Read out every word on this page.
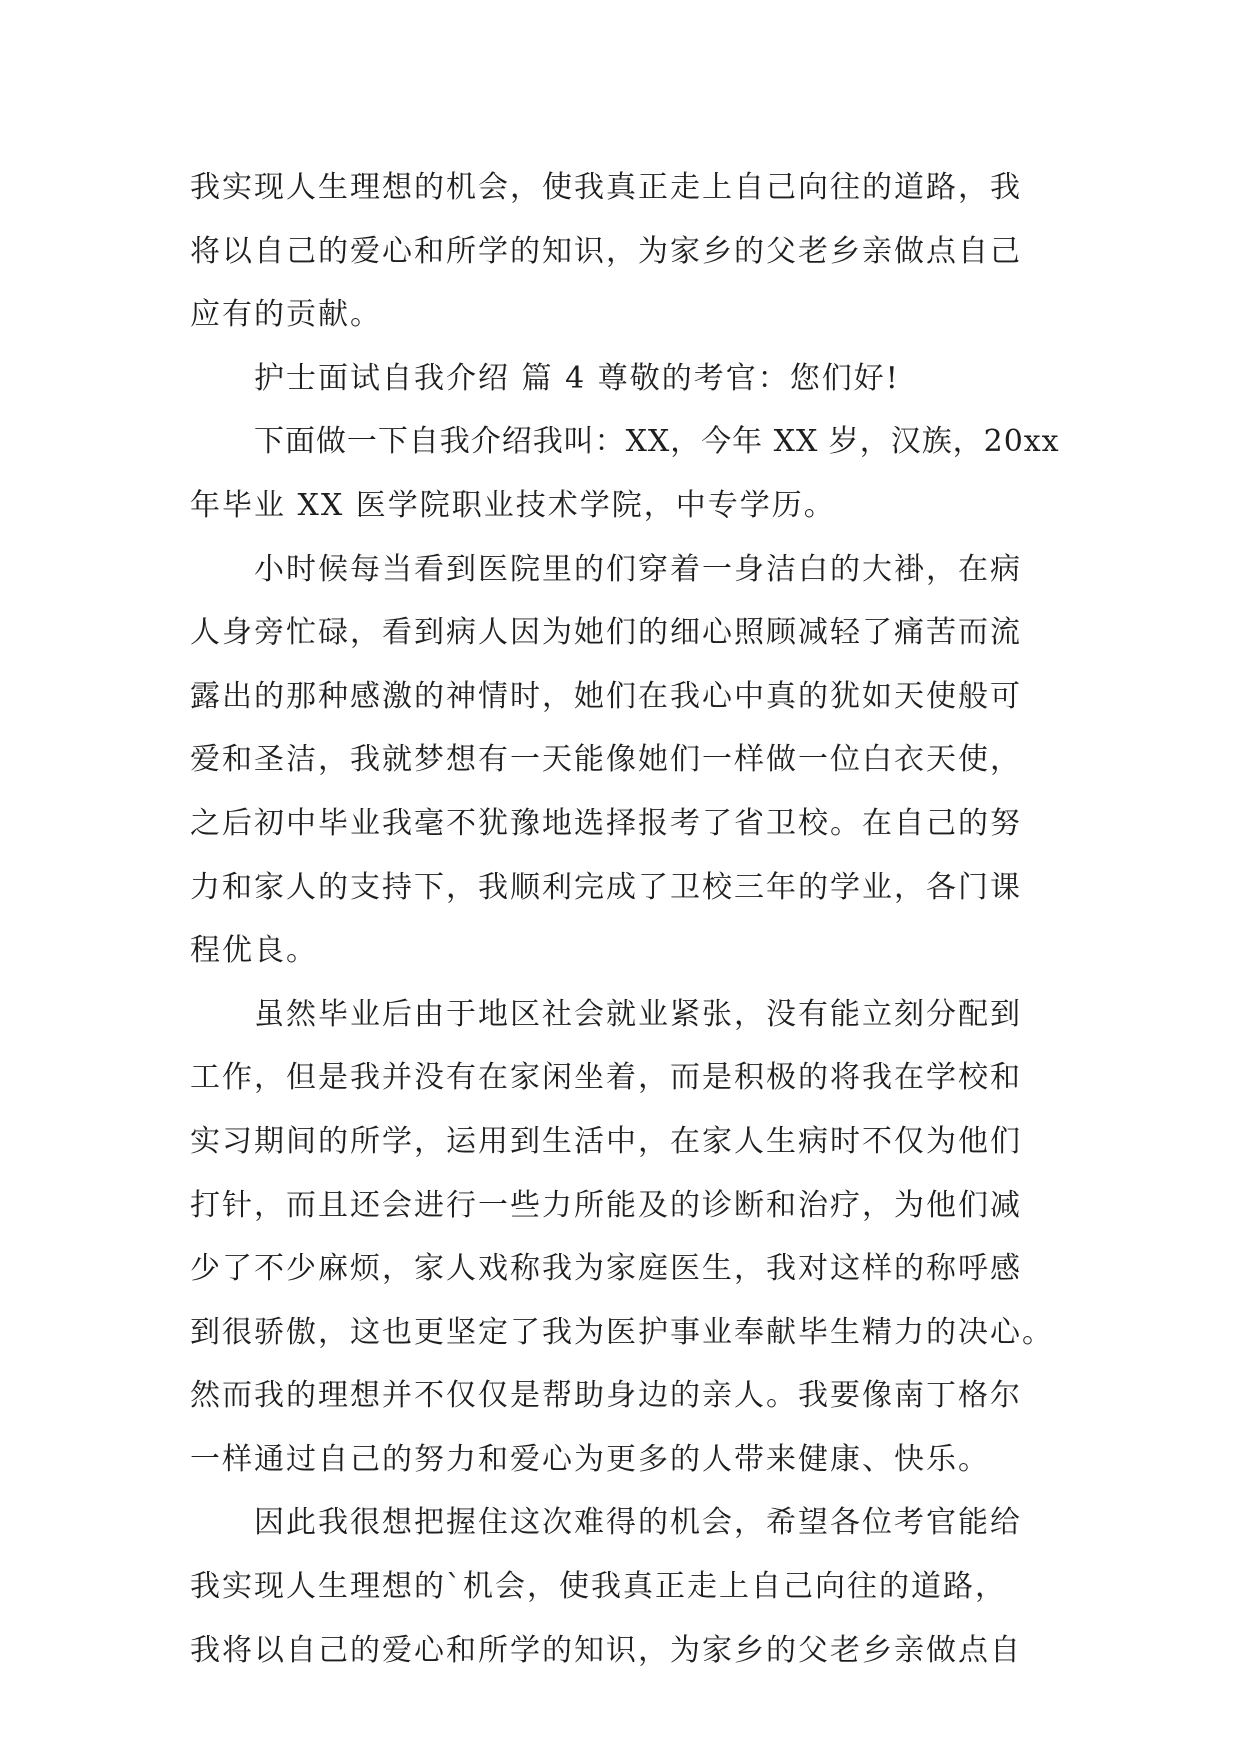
我实现人生理想的机会，使我真正走上自己向往的道路，我
将以自己的爱心和所学的知识，为家乡的父老乡亲做点自己
应有的贡献。
护士面试自我介绍 篇 4 尊敬的考官：您们好!
下面做一下自我介绍我叫：XX，今年 XX 岁，汉族，20xx
年毕业 XX 医学院职业技术学院，中专学历。
小时候每当看到医院里的们穿着一身洁白的大褂，在病
人身旁忙碌，看到病人因为她们的细心照顾减轻了痛苦而流
露出的那种感激的神情时，她们在我心中真的犹如天使般可
爱和圣洁，我就梦想有一天能像她们一样做一位白衣天使，
之后初中毕业我毫不犹豫地选择报考了省卫校。在自己的努
力和家人的支持下，我顺利完成了卫校三年的学业，各门课
程优良。
虽然毕业后由于地区社会就业紧张，没有能立刻分配到
工作，但是我并没有在家闲坐着，而是积极的将我在学校和
实习期间的所学，运用到生活中，在家人生病时不仅为他们
打针，而且还会进行一些力所能及的诊断和治疗，为他们减
少了不少麻烦，家人戏称我为家庭医生，我对这样的称呼感
到很骄傲，这也更坚定了我为医护事业奉献毕生精力的决心。
然而我的理想并不仅仅是帮助身边的亲人。我要像南丁格尔
一样通过自己的努力和爱心为更多的人带来健康、快乐。
因此我很想把握住这次难得的机会，希望各位考官能给
我实现人生理想的`机会，使我真正走上自己向往的道路，
我将以自己的爱心和所学的知识，为家乡的父老乡亲做点自
